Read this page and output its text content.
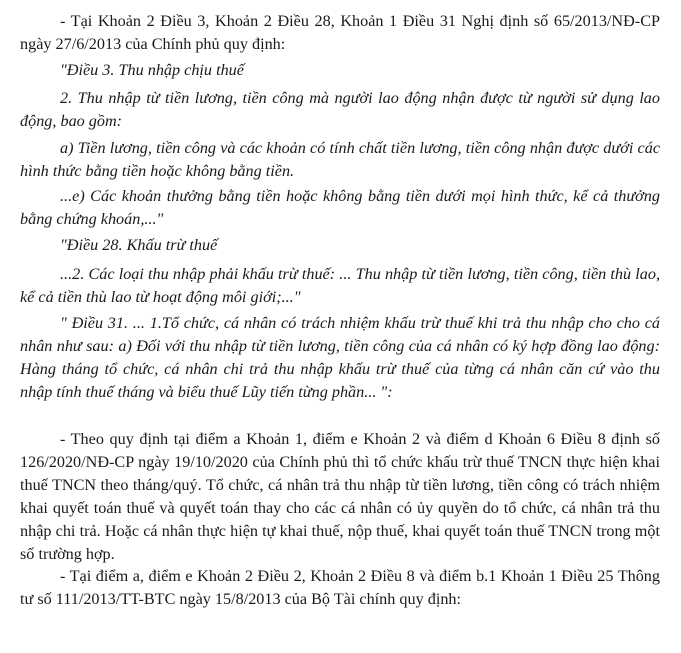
- Tại Khoản 2 Điều 3, Khoản 2 Điều 28, Khoản 1 Điều 31 Nghị định số 65/2013/NĐ-CP ngày 27/6/2013 của Chính phủ quy định:

"Điều 3. Thu nhập chịu thuế

2. Thu nhập từ tiền lương, tiền công mà người lao động nhận được từ người sử dụng lao động, bao gồm:

a) Tiền lương, tiền công và các khoản có tính chất tiền lương, tiền công nhận được dưới các hình thức bằng tiền hoặc không bằng tiền.

...e) Các khoản thưởng bằng tiền hoặc không bằng tiền dưới mọi hình thức, kể cả thưởng bằng chứng khoán,..."

"Điều 28. Khấu trừ thuế

...2. Các loại thu nhập phải khấu trừ thuế: ... Thu nhập từ tiền lương, tiền công, tiền thù lao, kể cả tiền thù lao từ hoạt động môi giới;..."

" Điều 31. ... 1.Tổ chức, cá nhân có trách nhiệm khấu trừ thuế khi trả thu nhập cho cho cá nhân như sau: a) Đối với thu nhập từ tiền lương, tiền công của cá nhân có ký hợp đồng lao động: Hàng tháng tổ chức, cá nhân chi trả thu nhập khấu trừ thuế của từng cá nhân căn cứ vào thu nhập tính thuế tháng và biểu thuế Lũy tiến từng phần... ":

- Theo quy định tại điểm a Khoản 1, điểm e Khoản 2 và điểm d Khoản 6 Điều 8 định số 126/2020/NĐ-CP ngày 19/10/2020 của Chính phủ thì tổ chức khấu trừ thuế TNCN thực hiện khai thuế TNCN theo tháng/quý. Tổ chức, cá nhân trả thu nhập từ tiền lương, tiền công có trách nhiệm khai quyết toán thuế và quyết toán thay cho các cá nhân có ủy quyền do tổ chức, cá nhân trả thu nhập chi trả. Hoặc cá nhân thực hiện tự khai thuế, nộp thuế, khai quyết toán thuế TNCN trong một số trường hợp.

- Tại điểm a, điểm e Khoản 2 Điều 2, Khoản 2 Điều 8 và điểm b.1 Khoản 1 Điều 25 Thông tư số 111/2013/TT-BTC ngày 15/8/2013 của Bộ Tài chính quy định:
